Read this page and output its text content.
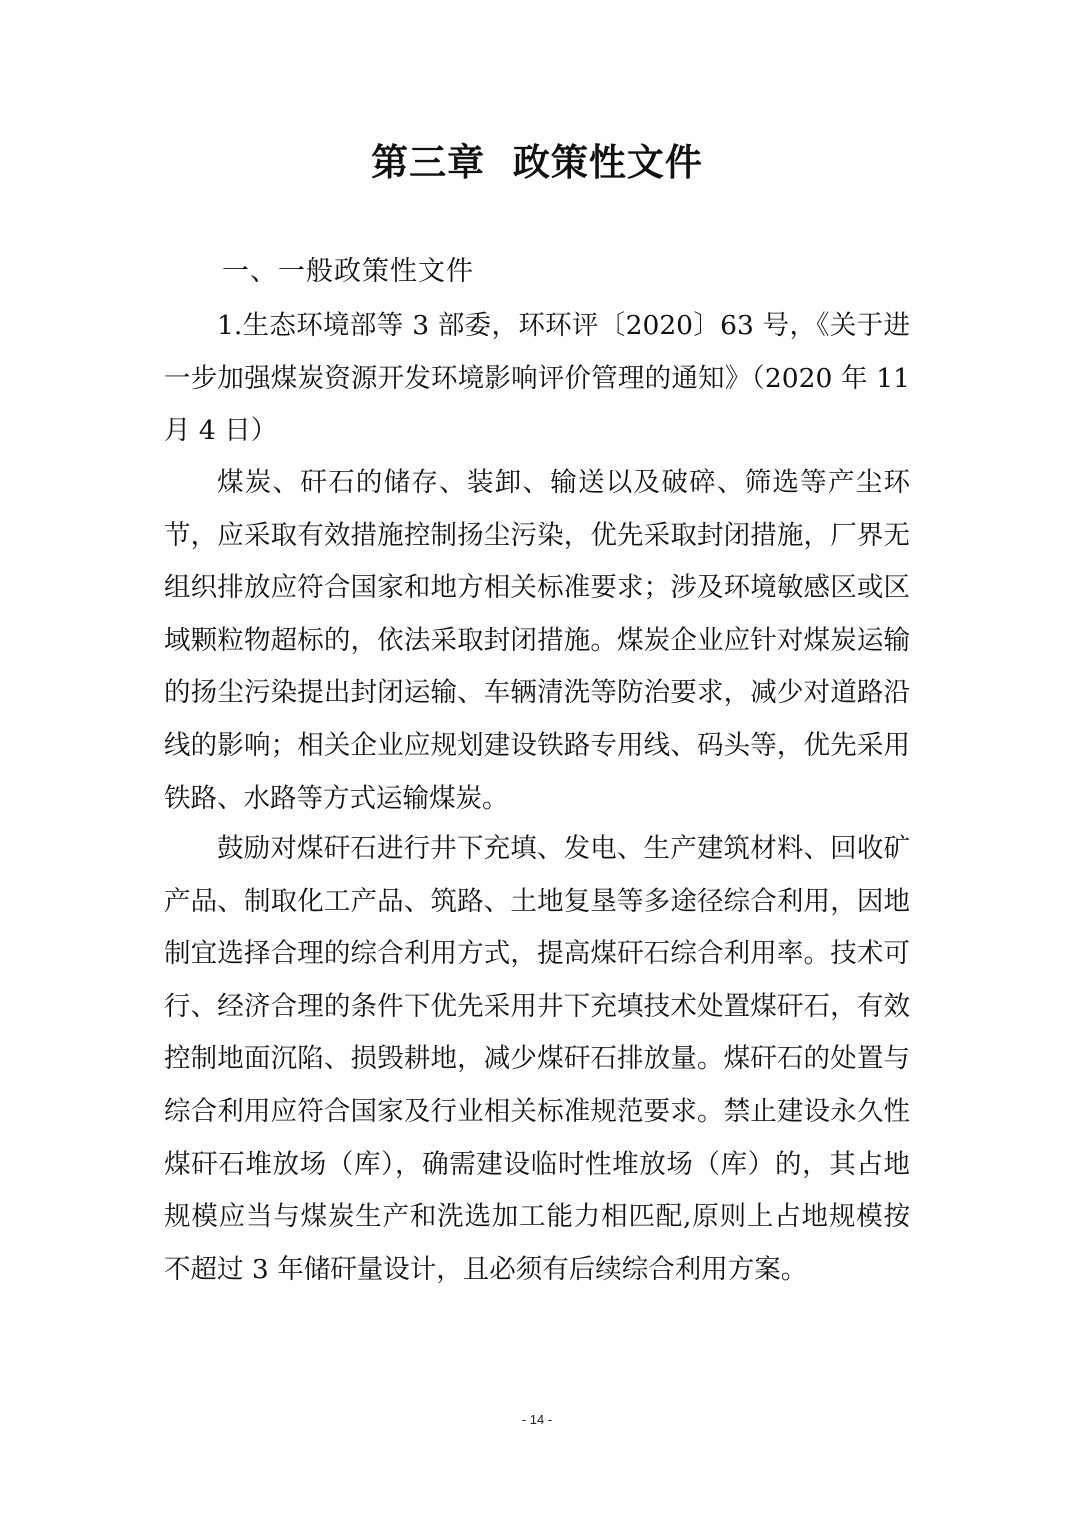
第三章  政策性文件
一、一般政策性文件

1.生态环境部等 3 部委，环环评〔2020〕63 号，《关于进一步加强煤炭资源开发环境影响评价管理的通知》（2020 年 11 月 4 日）

煤炭、矸石的储存、装卸、输送以及破碎、筛选等产尘环节，应采取有效措施控制扬尘污染，优先采取封闭措施，厂界无组织排放应符合国家和地方相关标准要求；涉及环境敏感区或区域颗粒物超标的，依法采取封闭措施。煤炭企业应针对煤炭运输的扬尘污染提出封闭运输、车辆清洗等防治要求，减少对道路沿线的影响；相关企业应规划建设铁路专用线、码头等，优先采用铁路、水路等方式运输煤炭。

鼓励对煤矸石进行井下充填、发电、生产建筑材料、回收矿产品、制取化工产品、筑路、土地复垦等多途径综合利用，因地制宜选择合理的综合利用方式，提高煤矸石综合利用率。技术可行、经济合理的条件下优先采用井下充填技术处置煤矸石，有效控制地面沉陷、损毁耕地，减少煤矸石排放量。煤矸石的处置与综合利用应符合国家及行业相关标准规范要求。禁止建设永久性煤矸石堆放场（库），确需建设临时性堆放场（库）的，其占地规模应当与煤炭生产和洗选加工能力相匹配,原则上占地规模按不超过 3 年储矸量设计，且必须有后续综合利用方案。

- 14 -
